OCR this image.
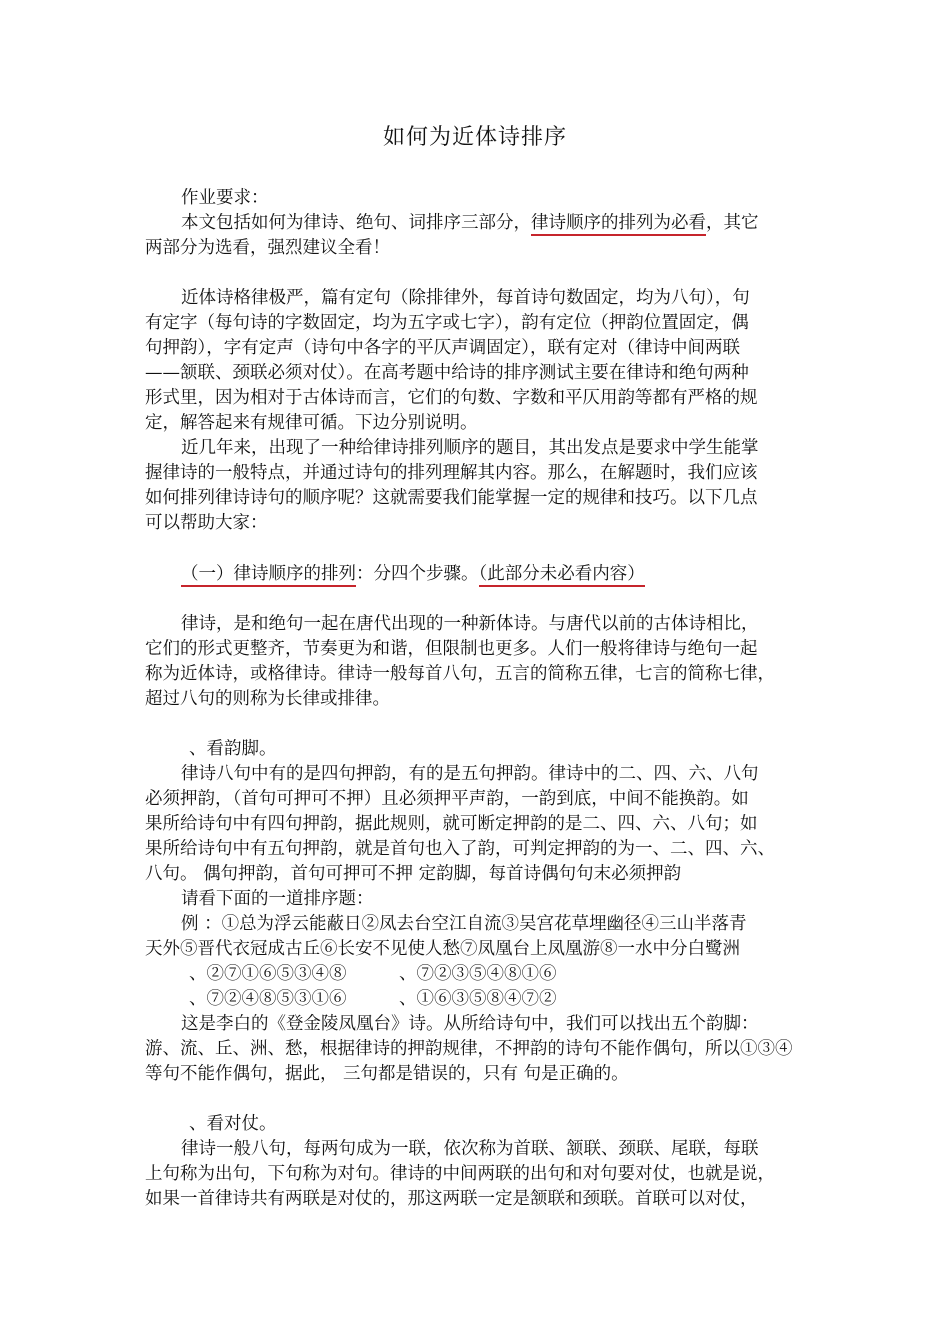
如何为近体诗排序
作业要求：
本文包括如何为律诗、绝句、词排序三部分，律诗顺序的排列为必看，其它
两部分为选看，强烈建议全看！
近体诗格律极严，篇有定句（除排律外，每首诗句数固定，均为八句），句
有定字（每句诗的字数固定，均为五字或七字），韵有定位（押韵位置固定，偶
句押韵），字有定声（诗句中各字的平仄声调固定），联有定对（律诗中间两联
——颔联、颈联必须对仗）。在高考题中给诗的排序测试主要在律诗和绝句两种
形式里，因为相对于古体诗而言，它们的句数、字数和平仄用韵等都有严格的规
定，解答起来有规律可循。下边分别说明。
近几年来，出现了一种给律诗排列顺序的题目，其出发点是要求中学生能掌
握律诗的一般特点，并通过诗句的排列理解其内容。那么，在解题时，我们应该
如何排列律诗诗句的顺序呢？这就需要我们能掌握一定的规律和技巧。以下几点
可以帮助大家：
（一）律诗顺序的排列：分四个步骤。（此部分未必看内容）
律诗，是和绝句一起在唐代出现的一种新体诗。与唐代以前的古体诗相比，
它们的形式更整齐，节奏更为和谐，但限制也更多。人们一般将律诗与绝句一起
称为近体诗，或格律诗。律诗一般每首八句，五言的简称五律，七言的简称七律，
超过八句的则称为长律或排律。
、看韵脚。
律诗八句中有的是四句押韵，有的是五句押韵。律诗中的二、四、六、八句
必须押韵，（首句可押可不押）且必须押平声韵，一韵到底，中间不能换韵。如
果所给诗句中有四句押韵，据此规则，就可断定押韵的是二、四、六、八句；如
果所给诗句中有五句押韵，就是首句也入了韵，可判定押韵的为一、二、四、六、
八句。 偶句押韵，首句可押可不押 定韵脚，每首诗偶句句末必须押韵
请看下面的一道排序题：
例 ：①总为浮云能蔽日②凤去台空江自流③吴宫花草埋幽径④三山半落青
天外⑤晋代衣冠成古丘⑥长安不见使人愁⑦凤凰台上凤凰游⑧一水中分白鹭洲
、②⑦①⑥⑤③④⑧	、⑦②③⑤④⑧①⑥
、⑦②④⑧⑤③①⑥	、①⑥③⑤⑧④⑦②
这是李白的《登金陵凤凰台》诗。从所给诗句中，我们可以找出五个韵脚：
游、流、丘、洲、愁，根据律诗的押韵规律，不押韵的诗句不能作偶句，所以①③④
等句不能作偶句，据此， 三句都是错误的，只有 句是正确的。
、看对仗。
律诗一般八句，每两句成为一联，依次称为首联、颔联、颈联、尾联，每联
上句称为出句，下句称为对句。律诗的中间两联的出句和对句要对仗，也就是说，
如果一首律诗共有两联是对仗的，那这两联一定是颔联和颈联。首联可以对仗，
